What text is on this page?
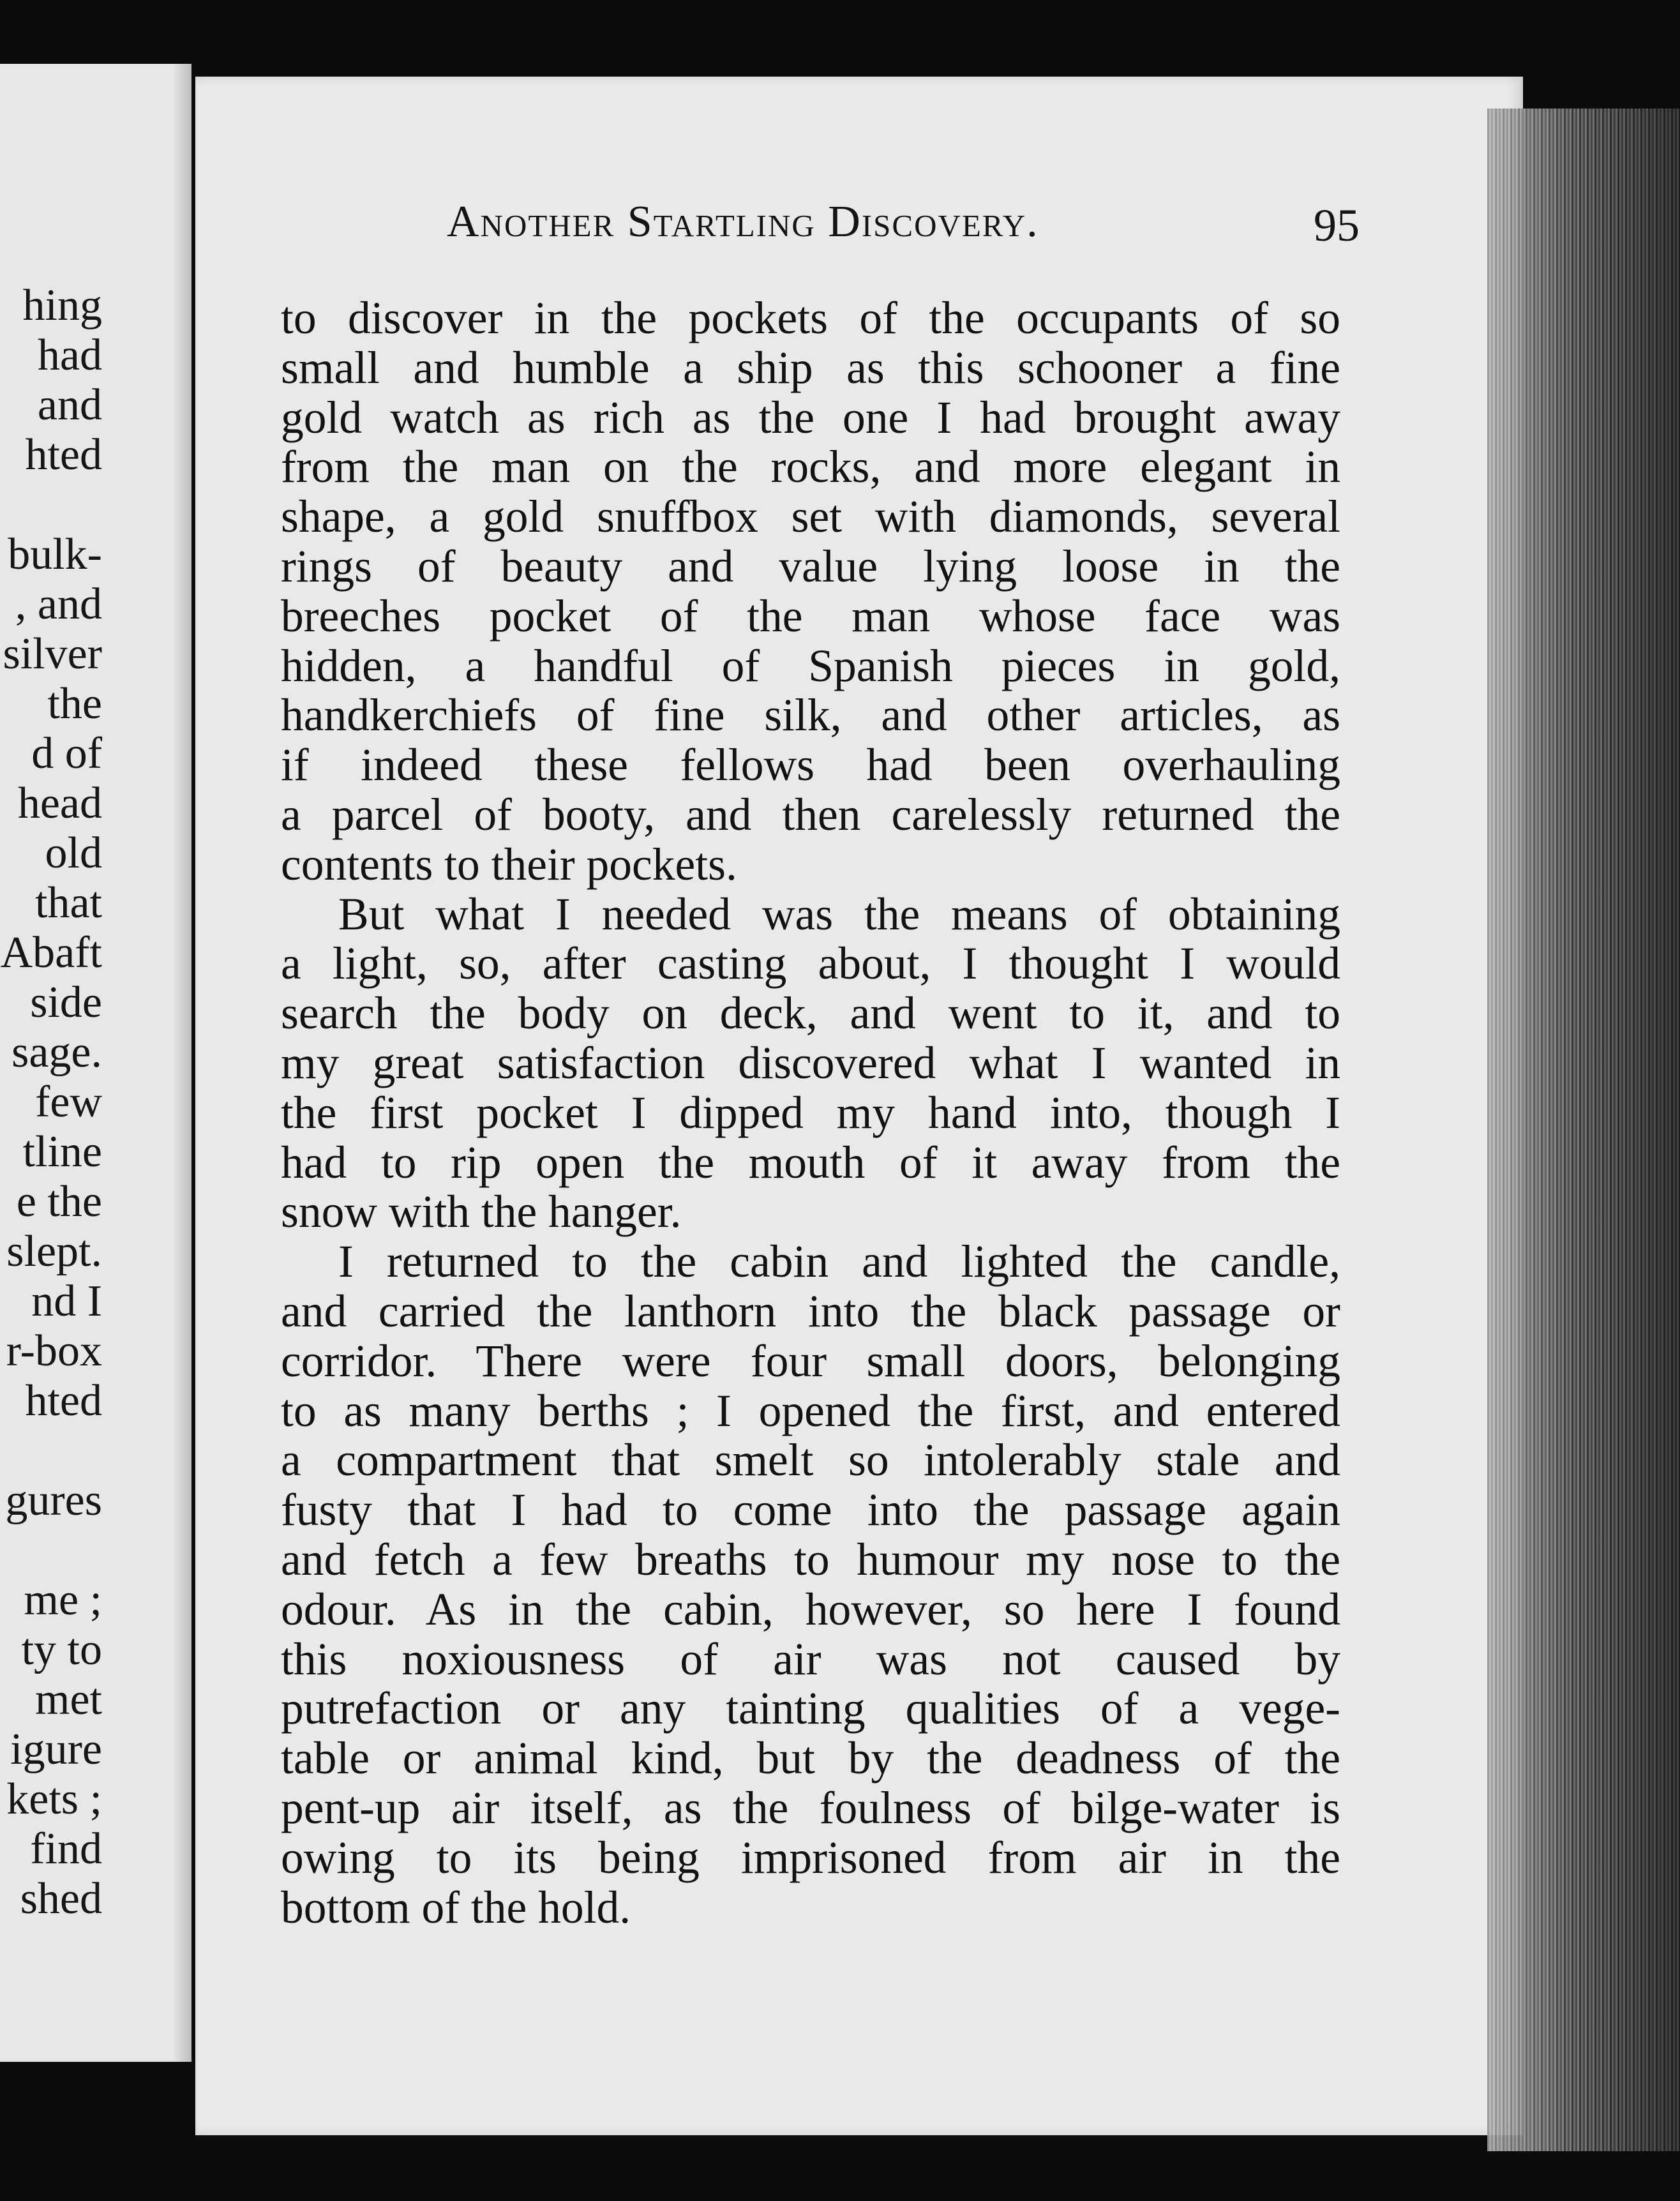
hing
had
and
hted

bulk-
, and
silver
the
d of
head
old
that
Abaft
side
sage.
few
tline
e the
slept.
nd I
r-box
hted

gures

me ;
ty to
met
igure
kets ;
find
shed
Another Startling Discovery.	95
to discover in the pockets of the occupants of so
small and humble a ship as this schooner a fine
gold watch as rich as the one I had brought away
from the man on the rocks, and more elegant in
shape, a gold snuffbox set with diamonds, several
rings of beauty and value lying loose in the
breeches pocket of the man whose face was
hidden, a handful of Spanish pieces in gold,
handkerchiefs of fine silk, and other articles, as
if indeed these fellows had been overhauling
a parcel of booty, and then carelessly returned the
contents to their pockets.
But what I needed was the means of obtaining
a light, so, after casting about, I thought I would
search the body on deck, and went to it, and to
my great satisfaction discovered what I wanted in
the first pocket I dipped my hand into, though I
had to rip open the mouth of it away from the
snow with the hanger.
I returned to the cabin and lighted the candle,
and carried the lanthorn into the black passage or
corridor. There were four small doors, belonging
to as many berths ; I opened the first, and entered
a compartment that smelt so intolerably stale and
fusty that I had to come into the passage again
and fetch a few breaths to humour my nose to the
odour. As in the cabin, however, so here I found
this noxiousness of air was not caused by
putrefaction or any tainting qualities of a vege-
table or animal kind, but by the deadness of the
pent-up air itself, as the foulness of bilge-water is
owing to its being imprisoned from air in the
bottom of the hold.
